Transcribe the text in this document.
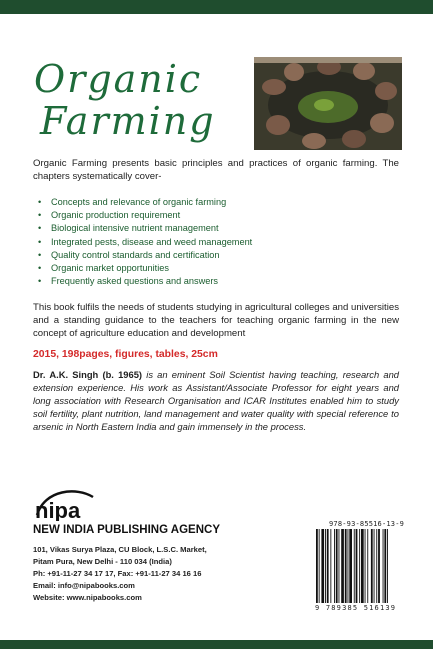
Organic
Farming
Organic Farming presents basic principles and practices of organic farming. The chapters systematically cover-
• Concepts and relevance of organic farming
• Organic production requirement
• Biological intensive nutrient management
• Integrated pests, disease and weed management
• Quality control standards and certification
• Organic market opportunities
• Frequently asked questions and answers
This book fulfils the needs of students studying in agricultural colleges and universities and a standing guidance to the teachers for teaching organic farming in the new concept of agriculture education and development
2015, 198pages, figures, tables, 25cm
Dr. A.K. Singh (b. 1965) is an eminent Soil Scientist having teaching, research and extension experience. His work as Assistant/Associate Professor for eight years and long association with Research Organisation and ICAR Institutes enabled him to study soil fertility, plant nutrition, land management and water quality with special reference to arsenic in North Eastern India and gain immensely in the process.
nipa
NEW INDIA PUBLISHING AGENCY
101, Vikas Surya Plaza, CU Block, L.S.C. Market,
Pitam Pura, New Delhi - 110 034 (India)
Ph: +91-11-27 34 17 17, Fax: +91-11-27 34 16 16
Email: info@nipabooks.com
Website: www.nipabooks.com
978-93-85516-13-9
9 789385 516139
